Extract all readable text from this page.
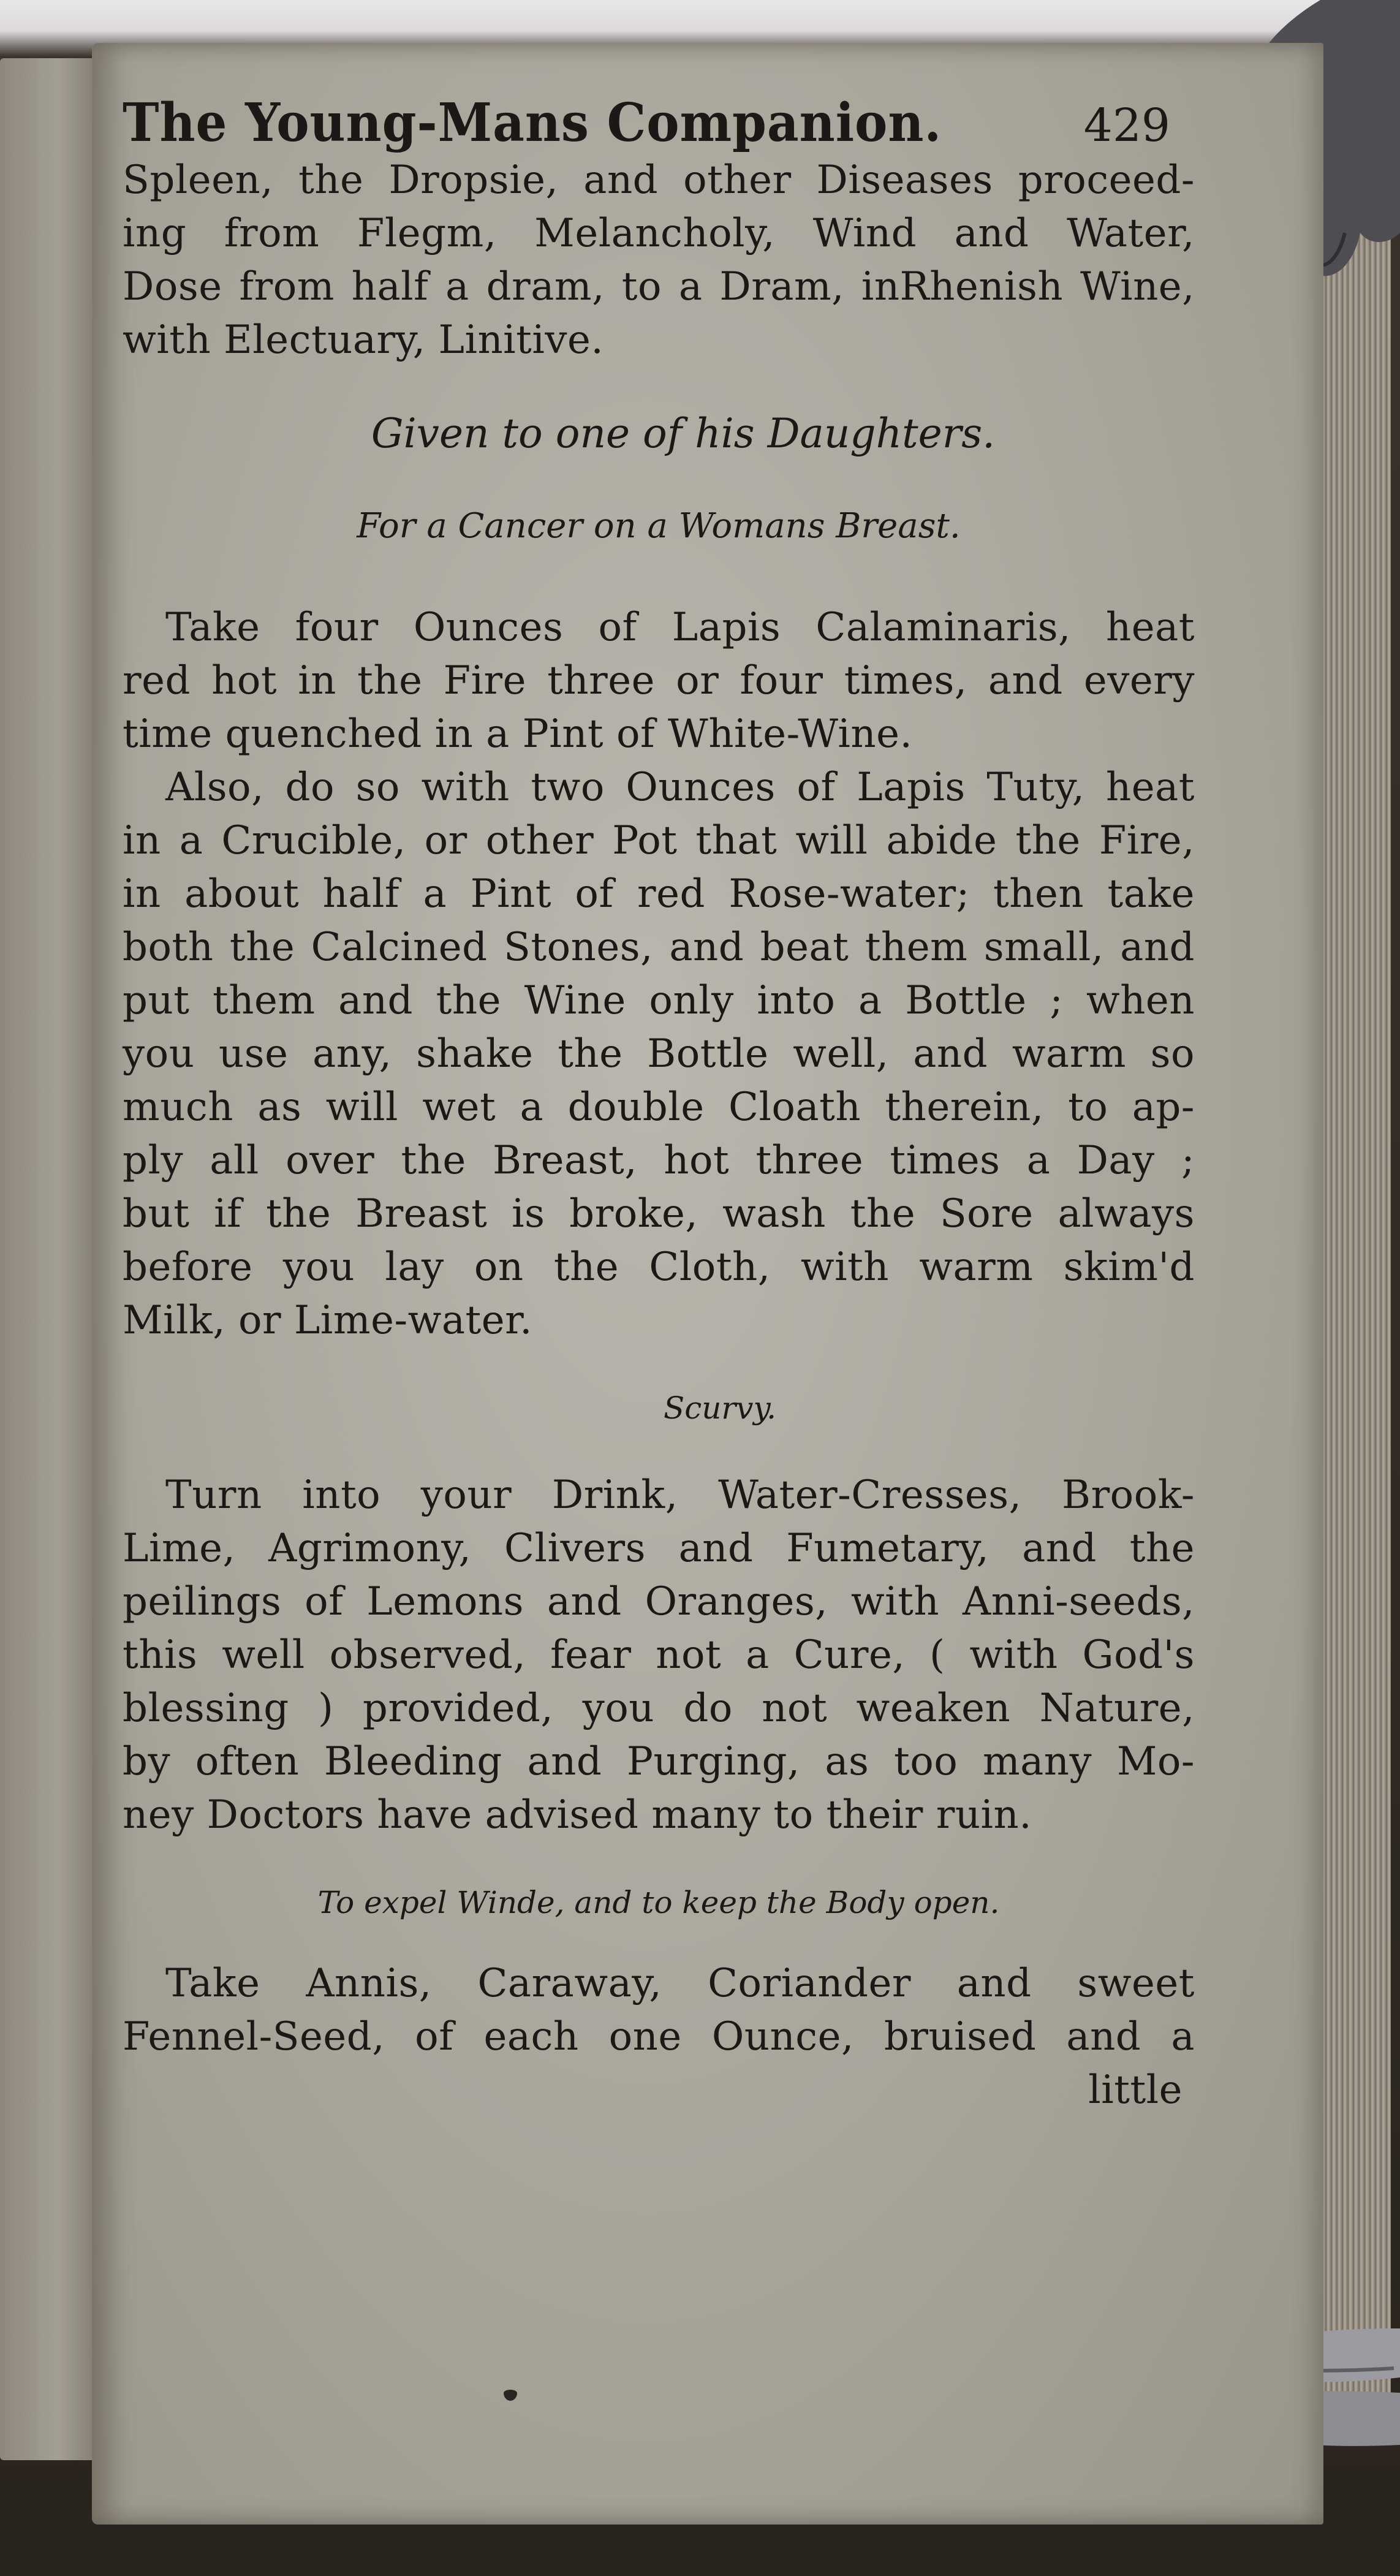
The Young-Mans Companion.	429
Spleen, the Dropsie, and other Diseases proceed-
ing from Flegm, Melancholy, Wind and Water,
Dose from half a dram, to a Dram, inRhenish Wine,
with Electuary, Linitive.
Given to one of his Daughters.
For a Cancer on a Womans Breast.
Take four Ounces of Lapis Calaminaris, heat
red hot in the Fire three or four times, and every
time quenched in a Pint of White-Wine.
Also, do so with two Ounces of Lapis Tuty, heat
in a Crucible, or other Pot that will abide the Fire,
in about half a Pint of red Rose-water; then take
both the Calcined Stones, and beat them small, and
put them and the Wine only into a Bottle ; when
you use any, shake the Bottle well, and warm so
much as will wet a double Cloath therein, to ap-
ply all over the Breast, hot three times a Day ;
but if the Breast is broke, wash the Sore always
before you lay on the Cloth, with warm skim'd
Milk, or Lime-water.
Scurvy.
Turn into your Drink, Water-Cresses, Brook-
Lime, Agrimony, Clivers and Fumetary, and the
peilings of Lemons and Oranges, with Anni-seeds,
this well observed, fear not a Cure, ( with God's
blessing ) provided, you do not weaken Nature,
by often Bleeding and Purging, as too many Mo-
ney Doctors have advised many to their ruin.
To expel Winde, and to keep the Body open.
Take Annis, Caraway, Coriander and sweet
Fennel-Seed, of each one Ounce, bruised and a
little
